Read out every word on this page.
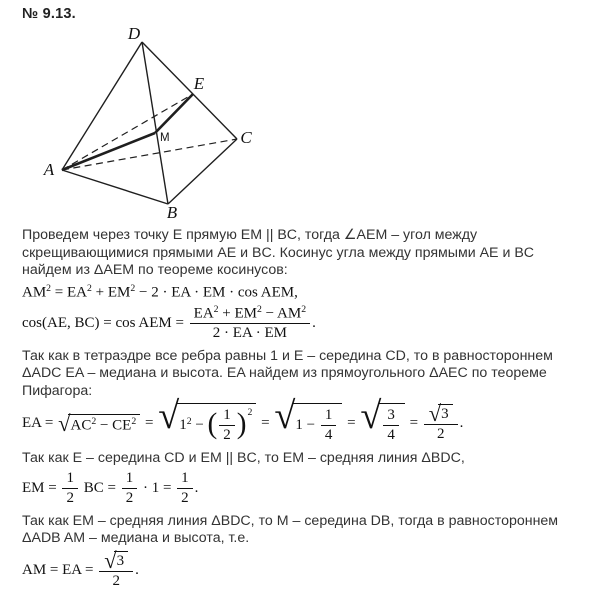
№ 9.13.
D
E
C
A
B
M

Проведем через точку E прямую EM || BC, тогда ∠AEM – угол между скрещивающимися прямыми AE и BC. Косинус угла между прямыми AE и BC найдем из ΔAEM по теореме косинусов:

$AM^2 = EA^2 + EM^2 - 2$ · EA · EM · cos AEM,
cos(AE, BC) = cos AEM = $\frac{EA^2 + EM^2 - AM^2}{2 \cdot EA \cdot EM}$ .

Так как в тетраэдре все ребра равны 1 и E – середина CD, то в равностороннем ΔADC EA – медиана и высота. EA найдем из прямоугольного ΔAEC по теореме Пифагора:

EA = √ $AC^2 - CE^2$ = √ $1^2$ − ( $\frac{1}{2} )^2$
= √ $1 - \frac{1}{4}$ = √ $\frac{3}{4} = \frac{√ 3}{2}$ .

Так как E – середина CD и EM || BC, то EM – средняя линия ΔBDC,

EM = $\frac{1}{2}$ BC = $\frac{1}{2} \cdot 1 = \frac{1}{2}$ .

Так как EM – средняя линия ΔBDC, то M – середина DB, тогда в равностороннем ΔADB AM – медиана и высота, т.е.

AM = EA = $\frac{√ 3}{2}$ .
